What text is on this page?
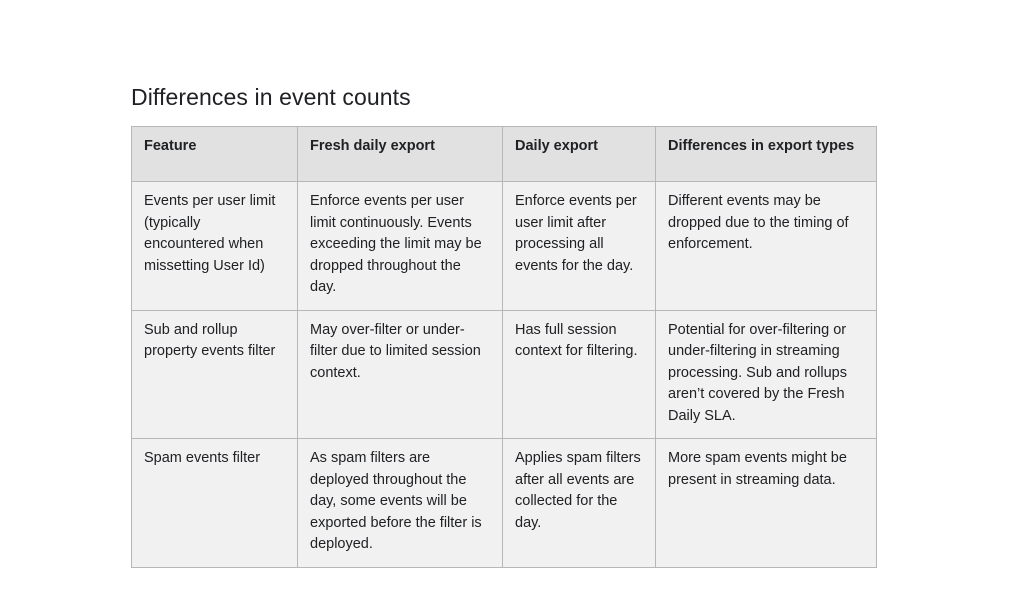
Differences in event counts
Feature	Fresh daily export	Daily export	Differences in export types
Events per user limit (typically encountered when missetting User Id)	Enforce events per user limit continuously. Events exceeding the limit may be dropped throughout the day.	Enforce events per user limit after processing all events for the day.	Different events may be dropped due to the timing of enforcement.
Sub and rollup property events filter	May over-filter or under-filter due to limited session context.	Has full session context for filtering.	Potential for over-filtering or under-filtering in streaming processing. Sub and rollups aren’t covered by the Fresh Daily SLA.
Spam events filter	As spam filters are deployed throughout the day, some events will be exported before the filter is deployed.	Applies spam filters after all events are collected for the day.	More spam events might be present in streaming data.
